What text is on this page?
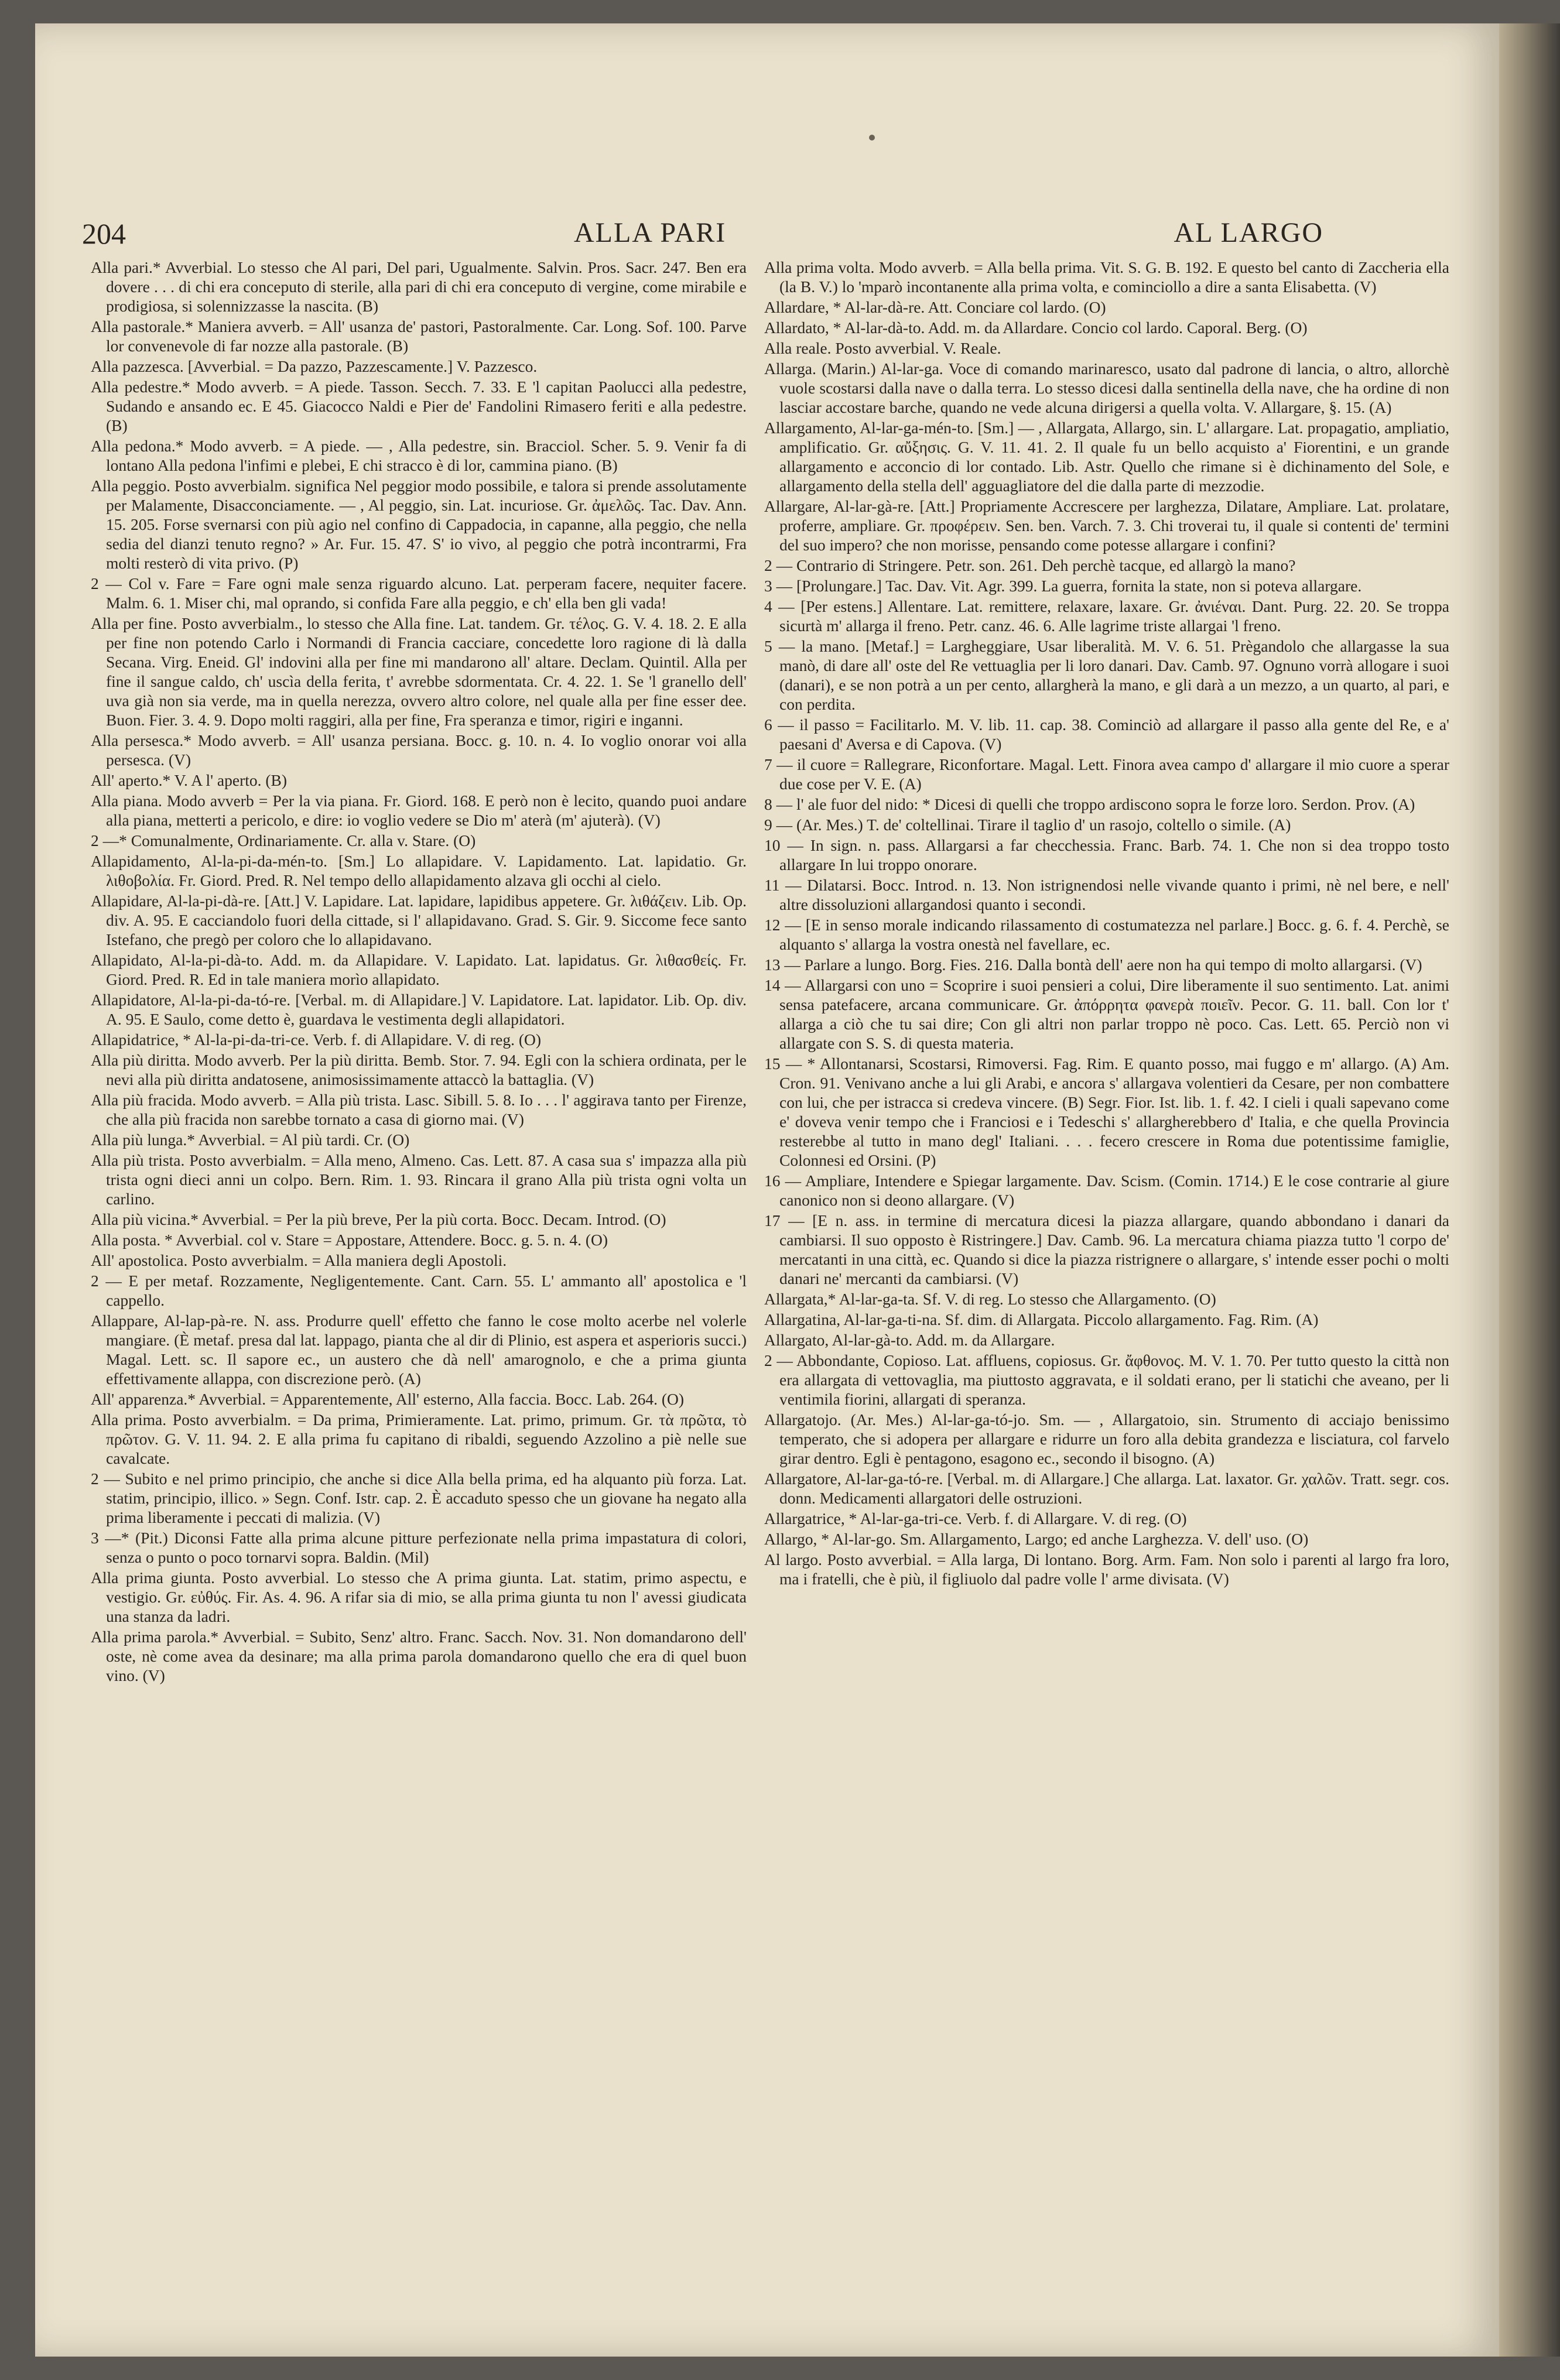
204	ALLA PARI	AL LARGO

Alla pari.* Avverbial. Lo stesso che Al pari, Del pari, Ugualmente. Salvin. Pros. Sacr. 247. Ben era dovere . . . di chi era conceputo di sterile, alla pari di chi era conceputo di vergine, come mirabile e prodigiosa, si solennizzasse la nascita. (B)

Alla pastorale.* Maniera avverb. = All' usanza de' pastori, Pastoralmente. Car. Long. Sof. 100. Parve lor convenevole di far nozze alla pastorale. (B)

Alla pazzesca. [Avverbial. = Da pazzo, Pazzescamente.] V. Pazzesco.

Alla pedestre.* Modo avverb. = A piede. Tasson. Secch. 7. 33. E 'l capitan Paolucci alla pedestre, Sudando e ansando ec. E 45. Giacocco Naldi e Pier de' Fandolini Rimasero feriti e alla pedestre. (B)

Alla pedona.* Modo avverb. = A piede. — , Alla pedestre, sin. Bracciol. Scher. 5. 9. Venir fa di lontano Alla pedona l'infimi e plebei, E chi stracco è di lor, cammina piano. (B)

Alla peggio. Posto avverbialm. significa Nel peggior modo possibile, e talora si prende assolutamente per Malamente, Disacconciamente. — , Al peggio, sin. Lat. incuriose. Gr. ἀμελῶς. Tac. Dav. Ann. 15. 205. Forse svernarsi con più agio nel confino di Cappadocia, in capanne, alla peggio, che nella sedia del dianzi tenuto regno? » Ar. Fur. 15. 47. S' io vivo, al peggio che potrà incontrarmi, Fra molti resterò di vita privo. (P)

2 — Col v. Fare = Fare ogni male senza riguardo alcuno. Lat. perperam facere, nequiter facere. Malm. 6. 1. Miser chi, mal oprando, si confida Fare alla peggio, e ch' ella ben gli vada!

Alla per fine. Posto avverbialm., lo stesso che Alla fine. Lat. tandem. Gr. τέλος. G. V. 4. 18. 2. E alla per fine non potendo Carlo i Normandi di Francia cacciare, concedette loro ragione di là dalla Secana. Virg. Eneid. Gl' indovini alla per fine mi mandarono all' altare. Declam. Quintil. Alla per fine il sangue caldo, ch' uscìa della ferita, t' avrebbe sdormentata. Cr. 4. 22. 1. Se 'l granello dell' uva già non sia verde, ma in quella nerezza, ovvero altro colore, nel quale alla per fine esser dee. Buon. Fier. 3. 4. 9. Dopo molti raggiri, alla per fine, Fra speranza e timor, rigiri e inganni.

Alla persesca.* Modo avverb. = All' usanza persiana. Bocc. g. 10. n. 4. Io voglio onorar voi alla persesca. (V)

All' aperto.* V. A l' aperto. (B)

Alla piana. Modo avverb = Per la via piana. Fr. Giord. 168. E però non è lecito, quando puoi andare alla piana, metterti a pericolo, e dire: io voglio vedere se Dio m' aterà (m' ajuterà). (V)

2 —* Comunalmente, Ordinariamente. Cr. alla v. Stare. (O)

Allapidamento, Al-la-pi-da-mén-to. [Sm.] Lo allapidare. V. Lapidamento. Lat. lapidatio. Gr. λιθοβολία. Fr. Giord. Pred. R. Nel tempo dello allapidamento alzava gli occhi al cielo.

Allapidare, Al-la-pi-dà-re. [Att.] V. Lapidare. Lat. lapidare, lapidibus appetere. Gr. λιθάζειν. Lib. Op. div. A. 95. E cacciandolo fuori della cittade, si l' allapidavano. Grad. S. Gir. 9. Siccome fece santo Istefano, che pregò per coloro che lo allapidavano.

Allapidato, Al-la-pi-dà-to. Add. m. da Allapidare. V. Lapidato. Lat. lapidatus. Gr. λιθασθείς. Fr. Giord. Pred. R. Ed in tale maniera morìo allapidato.

Allapidatore, Al-la-pi-da-tó-re. [Verbal. m. di Allapidare.] V. Lapidatore. Lat. lapidator. Lib. Op. div. A. 95. E Saulo, come detto è, guardava le vestimenta degli allapidatori.

Allapidatrice, * Al-la-pi-da-tri-ce. Verb. f. di Allapidare. V. di reg. (O)

Alla più diritta. Modo avverb. Per la più diritta. Bemb. Stor. 7. 94. Egli con la schiera ordinata, per le nevi alla più diritta andatosene, animosissimamente attaccò la battaglia. (V)

Alla più fracida. Modo avverb. = Alla più trista. Lasc. Sibill. 5. 8. Io . . . l' aggirava tanto per Firenze, che alla più fracida non sarebbe tornato a casa di giorno mai. (V)

Alla più lunga.* Avverbial. = Al più tardi. Cr. (O)

Alla più trista. Posto avverbialm. = Alla meno, Almeno. Cas. Lett. 87. A casa sua s' impazza alla più trista ogni dieci anni un colpo. Bern. Rim. 1. 93. Rincara il grano Alla più trista ogni volta un carlino.

Alla più vicina.* Avverbial. = Per la più breve, Per la più corta. Bocc. Decam. Introd. (O)

Alla posta. * Avverbial. col v. Stare = Appostare, Attendere. Bocc. g. 5. n. 4. (O)

All' apostolica. Posto avverbialm. = Alla maniera degli Apostoli.

2 — E per metaf. Rozzamente, Negligentemente. Cant. Carn. 55. L' ammanto all' apostolica e 'l cappello.

Allappare, Al-lap-pà-re. N. ass. Produrre quell' effetto che fanno le cose molto acerbe nel volerle mangiare. (È metaf. presa dal lat. lappago, pianta che al dir di Plinio, est aspera et asperioris succi.) Magal. Lett. sc. Il sapore ec., un austero che dà nell' amarognolo, e che a prima giunta effettivamente allappa, con discrezione però. (A)

All' apparenza.* Avverbial. = Apparentemente, All' esterno, Alla faccia. Bocc. Lab. 264. (O)

Alla prima. Posto avverbialm. = Da prima, Primieramente. Lat. primo, primum. Gr. τὰ πρῶτα, τὸ πρῶτον. G. V. 11. 94. 2. E alla prima fu capitano di ribaldi, seguendo Azzolino a piè nelle sue cavalcate.

2 — Subito e nel primo principio, che anche si dice Alla bella prima, ed ha alquanto più forza. Lat. statim, principio, illico. » Segn. Conf. Istr. cap. 2. È accaduto spesso che un giovane ha negato alla prima liberamente i peccati di malizia. (V)

3 —* (Pit.) Diconsi Fatte alla prima alcune pitture perfezionate nella prima impastatura di colori, senza o punto o poco tornarvi sopra. Baldin. (Mil)

Alla prima giunta. Posto avverbial. Lo stesso che A prima giunta. Lat. statim, primo aspectu, e vestigio. Gr. εὐθύς. Fir. As. 4. 96. A rifar sia di mio, se alla prima giunta tu non l' avessi giudicata una stanza da ladri.

Alla prima parola.* Avverbial. = Subito, Senz' altro. Franc. Sacch. Nov. 31. Non domandarono dell' oste, nè come avea da desinare; ma alla prima parola domandarono quello che era di quel buon vino. (V)

Alla prima volta. Modo avverb. = Alla bella prima. Vit. S. G. B. 192. E questo bel canto di Zaccheria ella (la B. V.) lo 'mparò incontanente alla prima volta, e cominciollo a dire a santa Elisabetta. (V)

Allardare, * Al-lar-dà-re. Att. Conciare col lardo. (O)

Allardato, * Al-lar-dà-to. Add. m. da Allardare. Concio col lardo. Caporal. Berg. (O)

Alla reale. Posto avverbial. V. Reale.

Allarga. (Marin.) Al-lar-ga. Voce di comando marinaresco, usato dal padrone di lancia, o altro, allorchè vuole scostarsi dalla nave o dalla terra. Lo stesso dicesi dalla sentinella della nave, che ha ordine di non lasciar accostare barche, quando ne vede alcuna dirigersi a quella volta. V. Allargare, §. 15. (A)

Allargamento, Al-lar-ga-mén-to. [Sm.] — , Allargata, Allargo, sin. L' allargare. Lat. propagatio, ampliatio, amplificatio. Gr. αὔξησις. G. V. 11. 41. 2. Il quale fu un bello acquisto a' Fiorentini, e un grande allargamento e acconcio di lor contado. Lib. Astr. Quello che rimane si è dichinamento del Sole, e allargamento della stella dell' agguagliatore del die dalla parte di mezzodie.

Allargare, Al-lar-gà-re. [Att.] Propriamente Accrescere per larghezza, Dilatare, Ampliare. Lat. prolatare, proferre, ampliare. Gr. προφέρειν. Sen. ben. Varch. 7. 3. Chi troverai tu, il quale si contenti de' termini del suo impero? che non morisse, pensando come potesse allargare i confini?

2 — Contrario di Stringere. Petr. son. 261. Deh perchè tacque, ed allargò la mano?

3 — [Prolungare.] Tac. Dav. Vit. Agr. 399. La guerra, fornita la state, non si poteva allargare.

4 — [Per estens.] Allentare. Lat. remittere, relaxare, laxare. Gr. ἀνιέναι. Dant. Purg. 22. 20. Se troppa sicurtà m' allarga il freno. Petr. canz. 46. 6. Alle lagrime triste allargai 'l freno.

5 — la mano. [Metaf.] = Largheggiare, Usar liberalità. M. V. 6. 51. Prègandolo che allargasse la sua manò, di dare all' oste del Re vettuaglia per li loro danari. Dav. Camb. 97. Ognuno vorrà allogare i suoi (danari), e se non potrà a un per cento, allargherà la mano, e gli darà a un mezzo, a un quarto, al pari, e con perdita.

6 — il passo = Facilitarlo. M. V. lib. 11. cap. 38. Cominciò ad allargare il passo alla gente del Re, e a' paesani d' Aversa e di Capova. (V)

7 — il cuore = Rallegrare, Riconfortare. Magal. Lett. Finora avea campo d' allargare il mio cuore a sperar due cose per V. E. (A)

8 — l' ale fuor del nido: * Dicesi di quelli che troppo ardiscono sopra le forze loro. Serdon. Prov. (A)

9 — (Ar. Mes.) T. de' coltellinai. Tirare il taglio d' un rasojo, coltello o simile. (A)

10 — In sign. n. pass. Allargarsi a far checchessia. Franc. Barb. 74. 1. Che non si dea troppo tosto allargare In lui troppo onorare.

11 — Dilatarsi. Bocc. Introd. n. 13. Non istrignendosi nelle vivande quanto i primi, nè nel bere, e nell' altre dissoluzioni allargandosi quanto i secondi.

12 — [E in senso morale indicando rilassamento di costumatezza nel parlare.] Bocc. g. 6. f. 4. Perchè, se alquanto s' allarga la vostra onestà nel favellare, ec.

13 — Parlare a lungo. Borg. Fies. 216. Dalla bontà dell' aere non ha qui tempo di molto allargarsi. (V)

14 — Allargarsi con uno = Scoprire i suoi pensieri a colui, Dire liberamente il suo sentimento. Lat. animi sensa patefacere, arcana communicare. Gr. ἀπόρρητα φανερὰ ποιεῖν. Pecor. G. 11. ball. Con lor t' allarga a ciò che tu sai dire; Con gli altri non parlar troppo nè poco. Cas. Lett. 65. Perciò non vi allargate con S. S. di questa materia.

15 — * Allontanarsi, Scostarsi, Rimoversi. Fag. Rim. E quanto posso, mai fuggo e m' allargo. (A) Am. Cron. 91. Venivano anche a lui gli Arabi, e ancora s' allargava volentieri da Cesare, per non combattere con lui, che per istracca si credeva vincere. (B) Segr. Fior. Ist. lib. 1. f. 42. I cieli i quali sapevano come e' doveva venir tempo che i Franciosi e i Tedeschi s' allargherebbero d' Italia, e che quella Provincia resterebbe al tutto in mano degl' Italiani. . . . fecero crescere in Roma due potentissime famiglie, Colonnesi ed Orsini. (P)

16 — Ampliare, Intendere e Spiegar largamente. Dav. Scism. (Comin. 1714.) E le cose contrarie al giure canonico non si deono allargare. (V)

17 — [E n. ass. in termine di mercatura dicesi la piazza allargare, quando abbondano i danari da cambiarsi. Il suo opposto è Ristringere.] Dav. Camb. 96. La mercatura chiama piazza tutto 'l corpo de' mercatanti in una città, ec. Quando si dice la piazza ristrignere o allargare, s' intende esser pochi o molti danari ne' mercanti da cambiarsi. (V)

Allargata,* Al-lar-ga-ta. Sf. V. di reg. Lo stesso che Allargamento. (O)

Allargatina, Al-lar-ga-ti-na. Sf. dim. di Allargata. Piccolo allargamento. Fag. Rim. (A)

Allargato, Al-lar-gà-to. Add. m. da Allargare.

2 — Abbondante, Copioso. Lat. affluens, copiosus. Gr. ἄφθονος. M. V. 1. 70. Per tutto questo la città non era allargata di vettovaglia, ma piuttosto aggravata, e il soldati erano, per li statichi che aveano, per li ventimila fiorini, allargati di speranza.

Allargatojo. (Ar. Mes.) Al-lar-ga-tó-jo. Sm. — , Allargatoio, sin. Strumento di acciajo benissimo temperato, che si adopera per allargare e ridurre un foro alla debita grandezza e lisciatura, col farvelo girar dentro. Egli è pentagono, esagono ec., secondo il bisogno. (A)

Allargatore, Al-lar-ga-tó-re. [Verbal. m. di Allargare.] Che allarga. Lat. laxator. Gr. χαλῶν. Tratt. segr. cos. donn. Medicamenti allargatori delle ostruzioni.

Allargatrice, * Al-lar-ga-tri-ce. Verb. f. di Allargare. V. di reg. (O)

Allargo, * Al-lar-go. Sm. Allargamento, Largo; ed anche Larghezza. V. dell' uso. (O)

Al largo. Posto avverbial. = Alla larga, Di lontano. Borg. Arm. Fam. Non solo i parenti al largo fra loro, ma i fratelli, che è più, il figliuolo dal padre volle l' arme divisata. (V)
